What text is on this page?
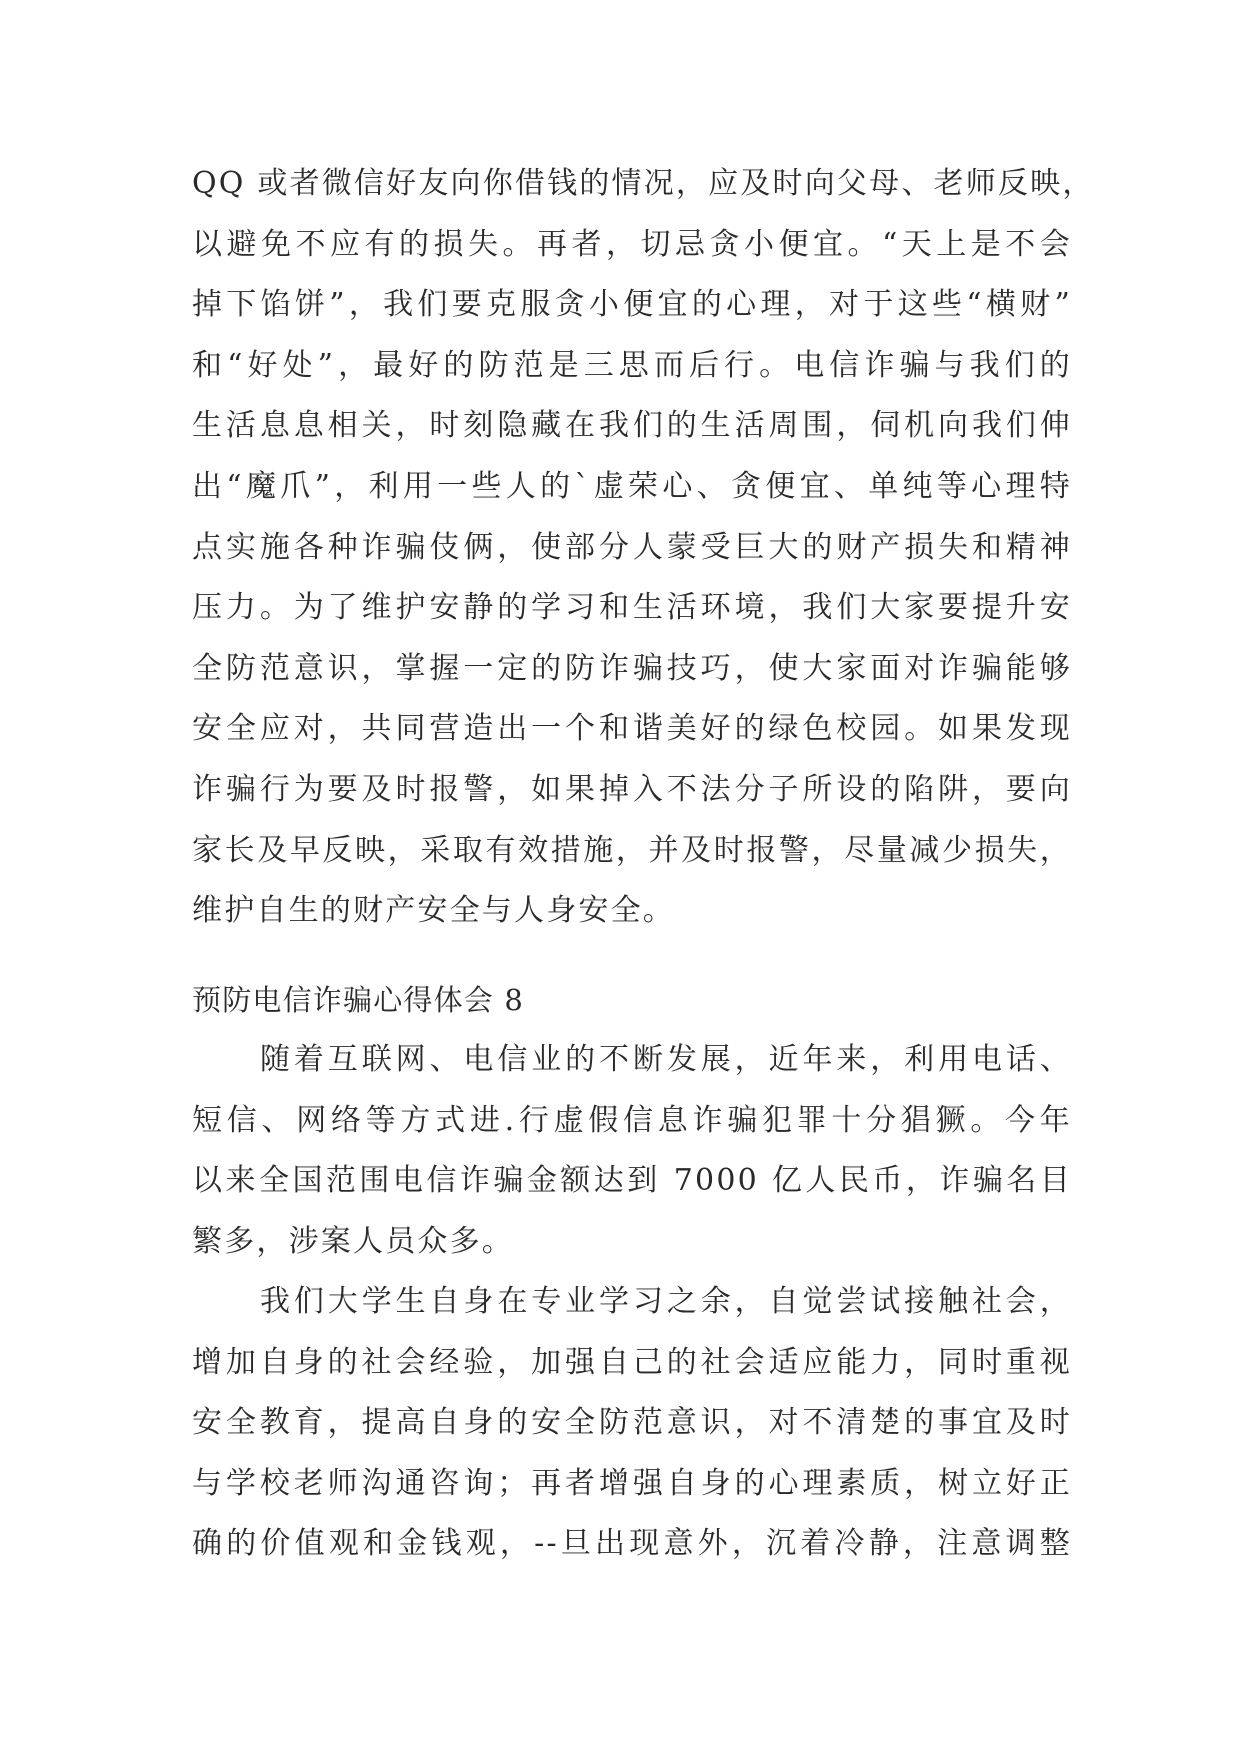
QQ 或者微信好友向你借钱的情况，应及时向父母、老师反映，
以避免不应有的损失。再者，切忌贪小便宜。“天上是不会
掉下馅饼”，我们要克服贪小便宜的心理，对于这些“横财”
和“好处”，最好的防范是三思而后行。电信诈骗与我们的
生活息息相关，时刻隐藏在我们的生活周围，伺机向我们伸
出“魔爪”，利用一些人的`虚荣心、贪便宜、单纯等心理特
点实施各种诈骗伎俩，使部分人蒙受巨大的财产损失和精神
压力。为了维护安静的学习和生活环境，我们大家要提升安
全防范意识，掌握一定的防诈骗技巧，使大家面对诈骗能够
安全应对，共同营造出一个和谐美好的绿色校园。如果发现
诈骗行为要及时报警，如果掉入不法分子所设的陷阱，要向
家长及早反映，采取有效措施，并及时报警，尽量减少损失，
维护自生的财产安全与人身安全。
预防电信诈骗心得体会 8
随着互联网、电信业的不断发展，近年来，利用电话、
短信、网络等方式进.行虚假信息诈骗犯罪十分猖獗。今年
以来全国范围电信诈骗金额达到 7000 亿人民币，诈骗名目
繁多，涉案人员众多。
我们大学生自身在专业学习之余，自觉尝试接触社会，
增加自身的社会经验，加强自己的社会适应能力，同时重视
安全教育，提高自身的安全防范意识，对不清楚的事宜及时
与学校老师沟通咨询；再者增强自身的心理素质，树立好正
确的价值观和金钱观，--旦出现意外，沉着冷静，注意调整
